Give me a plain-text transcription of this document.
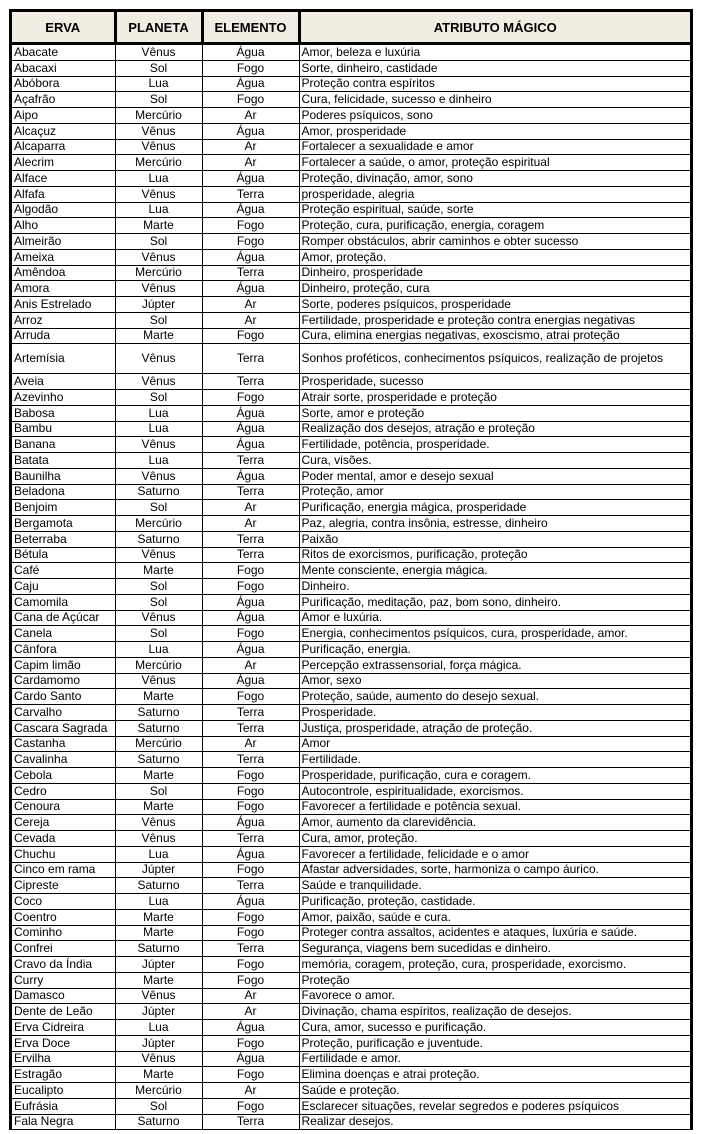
ERVA	PLANETA	ELEMENTO	ATRIBUTO MÁGICO
Abacate	Vênus	Água	Amor, beleza e luxúria
Abacaxi	Sol	Fogo	Sorte, dinheiro, castidade
Abóbora	Lua	Água	Proteção contra espíritos
Açafrão	Sol	Fogo	Cura, felicidade, sucesso e dinheiro
Aipo	Mercúrio	Ar	Poderes psíquicos, sono
Alcaçuz	Vênus	Água	Amor, prosperidade
Alcaparra	Vênus	Ar	Fortalecer a sexualidade e amor
Alecrim	Mercúrio	Ar	Fortalecer a saúde, o amor, proteção espiritual
Alface	Lua	Água	Proteção, divinação, amor, sono
Alfafa	Vênus	Terra	prosperidade, alegria
Algodão	Lua	Água	Proteção espiritual, saúde, sorte
Alho	Marte	Fogo	Proteção, cura, purificação, energia, coragem
Almeirão	Sol	Fogo	Romper obstáculos, abrir caminhos e obter sucesso
Ameixa	Vênus	Água	Amor, proteção.
Amêndoa	Mercúrio	Terra	Dinheiro, prosperidade
Amora	Vênus	Água	Dinheiro, proteção, cura
Anis Estrelado	Júpter	Ar	Sorte, poderes psíquicos, prosperidade
Arroz	Sol	Ar	Fertilidade, prosperidade e proteção contra energias negativas
Arruda	Marte	Fogo	Cura, elimina energias negativas, exoscismo, atrai proteção
Artemísia	Vênus	Terra	Sonhos proféticos, conhecimentos psíquicos, realização de projetos
Aveia	Vênus	Terra	Prosperidade, sucesso
Azevinho	Sol	Fogo	Atrair sorte, prosperidade e proteção
Babosa	Lua	Água	Sorte, amor e proteção
Bambu	Lua	Água	Realização dos desejos, atração e proteção
Banana	Vênus	Água	Fertilidade, potência, prosperidade.
Batata	Lua	Terra	Cura, visões.
Baunilha	Vênus	Água	Poder mental, amor e desejo sexual
Beladona	Saturno	Terra	Proteção, amor
Benjoim	Sol	Ar	Purificação, energia mágica, prosperidade
Bergamota	Mercúrio	Ar	Paz, alegria, contra insônia, estresse, dinheiro
Beterraba	Saturno	Terra	Paixão
Bétula	Vênus	Terra	Ritos de exorcismos, purificação, proteção
Café	Marte	Fogo	Mente consciente, energia mágica.
Caju	Sol	Fogo	Dinheiro.
Camomila	Sol	Água	Purificação, meditação, paz, bom sono, dinheiro.
Cana de Açúcar	Vênus	Água	Amor e luxúria.
Canela	Sol	Fogo	Energia, conhecimentos psíquicos, cura, prosperidade, amor.
Cânfora	Lua	Água	Purificação, energia.
Capim limão	Mercúrio	Ar	Percepção extrassensorial, força mágica.
Cardamomo	Vênus	Água	Amor, sexo
Cardo Santo	Marte	Fogo	Proteção, saúde, aumento do desejo sexual.
Carvalho	Saturno	Terra	Prosperidade.
Cascara Sagrada	Saturno	Terra	Justiça, prosperidade, atração de proteção.
Castanha	Mercúrio	Ar	Amor
Cavalinha	Saturno	Terra	Fertilidade.
Cebola	Marte	Fogo	Prosperidade, purificação, cura e coragem.
Cedro	Sol	Fogo	Autocontrole, espiritualidade, exorcismos.
Cenoura	Marte	Fogo	Favorecer a fertilidade e potência sexual.
Cereja	Vênus	Água	Amor, aumento da clarevidência.
Cevada	Vênus	Terra	Cura, amor, proteção.
Chuchu	Lua	Água	Favorecer a fertilidade, felicidade e o amor
Cinco em rama	Júpter	Fogo	Afastar adversidades, sorte, harmoniza o campo áurico.
Cipreste	Saturno	Terra	Saúde e tranquilidade.
Coco	Lua	Água	Purificação, proteção, castidade.
Coentro	Marte	Fogo	Amor, paixão, saúde e cura.
Cominho	Marte	Fogo	Proteger contra assaltos, acidentes e ataques, luxúria e saúde.
Confrei	Saturno	Terra	Segurança, viagens bem sucedidas e dinheiro.
Cravo da Índia	Júpter	Fogo	memória, coragem, proteção, cura, prosperidade, exorcismo.
Curry	Marte	Fogo	Proteção
Damasco	Vênus	Ar	Favorece o amor.
Dente de Leão	Júpter	Ar	Divinação, chama espíritos, realização de desejos.
Erva Cidreira	Lua	Água	Cura, amor, sucesso e purificação.
Erva Doce	Júpter	Fogo	Proteção, purificação e juventude.
Ervilha	Vênus	Água	Fertilidade e amor.
Estragão	Marte	Fogo	Elimina doenças e atrai proteção.
Eucalipto	Mercúrio	Ar	Saúde e proteção.
Eufrásia	Sol	Fogo	Esclarecer situações, revelar segredos e poderes psíquicos
Fala Negra	Saturno	Terra	Realizar desejos.
